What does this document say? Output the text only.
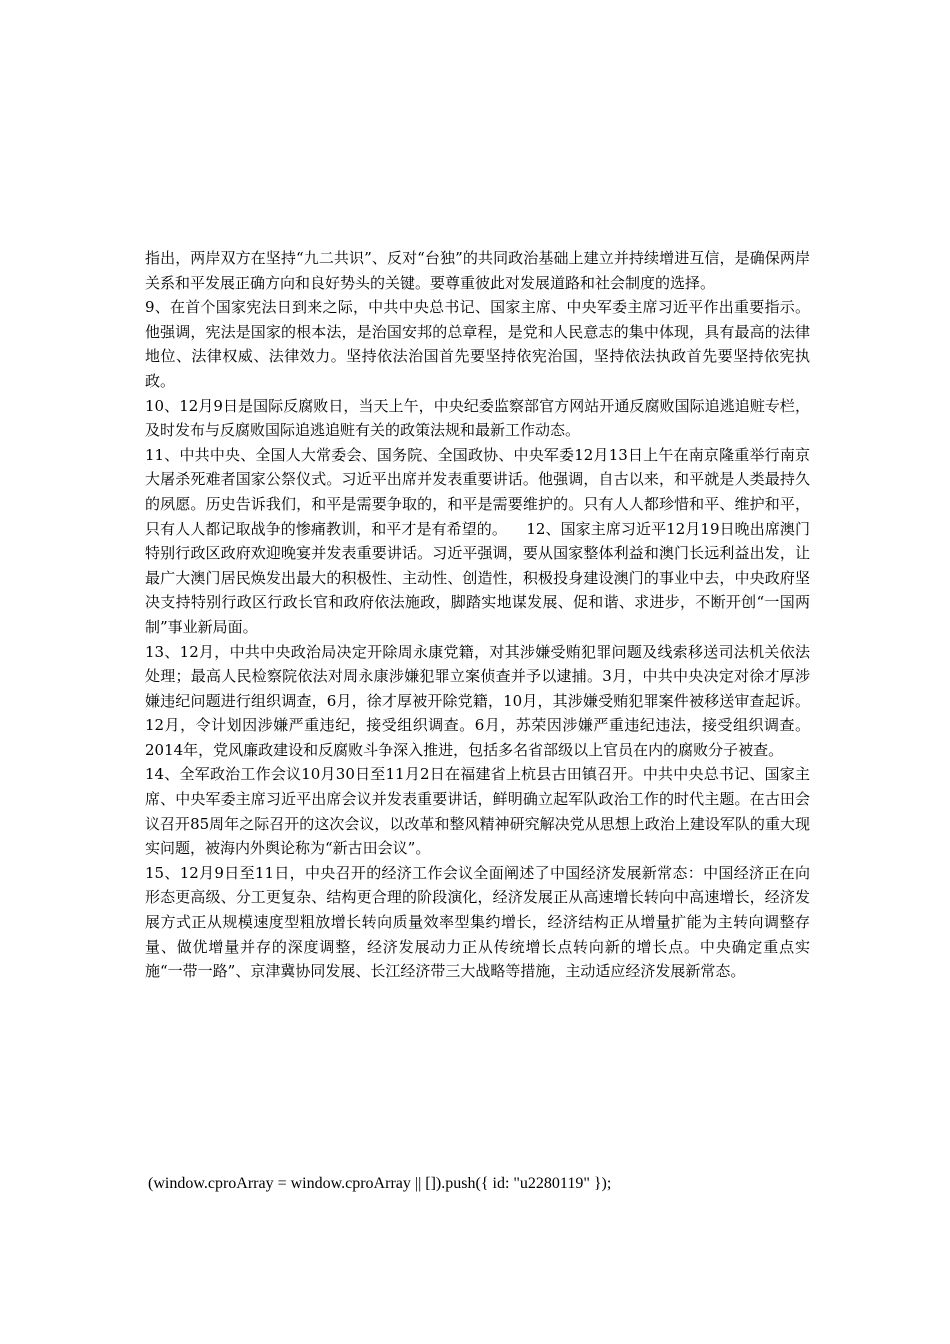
指出，两岸双方在坚持“九二共识”、反对“台独”的共同政治基础上建立并持续增进互信，是确保两岸关系和平发展正确方向和良好势头的关键。要尊重彼此对发展道路和社会制度的选择。

9、在首个国家宪法日到来之际，中共中央总书记、国家主席、中央军委主席习近平作出重要指示。他强调，宪法是国家的根本法，是治国安邦的总章程，是党和人民意志的集中体现，具有最高的法律地位、法律权威、法律效力。坚持依法治国首先要坚持依宪治国，坚持依法执政首先要坚持依宪执政。

10、12月9日是国际反腐败日，当天上午，中央纪委监察部官方网站开通反腐败国际追逃追赃专栏，及时发布与反腐败国际追逃追赃有关的政策法规和最新工作动态。

11、中共中央、全国人大常委会、国务院、全国政协、中央军委12月13日上午在南京隆重举行南京大屠杀死难者国家公祭仪式。习近平出席并发表重要讲话。他强调，自古以来，和平就是人类最持久的夙愿。历史告诉我们，和平是需要争取的，和平是需要维护的。只有人人都珍惜和平、维护和平，只有人人都记取战争的惨痛教训，和平才是有希望的。    12、国家主席习近平12月19日晚出席澳门特别行政区政府欢迎晚宴并发表重要讲话。习近平强调，要从国家整体利益和澳门长远利益出发，让最广大澳门居民焕发出最大的积极性、主动性、创造性，积极投身建设澳门的事业中去，中央政府坚决支持特别行政区行政长官和政府依法施政，脚踏实地谋发展、促和谐、求进步，不断开创“一国两制”事业新局面。

13、12月，中共中央政治局决定开除周永康党籍，对其涉嫌受贿犯罪问题及线索移送司法机关依法处理；最高人民检察院依法对周永康涉嫌犯罪立案侦查并予以逮捕。3月，中共中央决定对徐才厚涉嫌违纪问题进行组织调查，6月，徐才厚被开除党籍，10月，其涉嫌受贿犯罪案件被移送审查起诉。12月，令计划因涉嫌严重违纪，接受组织调查。6月，苏荣因涉嫌严重违纪违法，接受组织调查。2014年，党风廉政建设和反腐败斗争深入推进，包括多名省部级以上官员在内的腐败分子被查。

14、全军政治工作会议10月30日至11月2日在福建省上杭县古田镇召开。中共中央总书记、国家主席、中央军委主席习近平出席会议并发表重要讲话，鲜明确立起军队政治工作的时代主题。在古田会议召开85周年之际召开的这次会议，以改革和整风精神研究解决党从思想上政治上建设军队的重大现实问题，被海内外舆论称为“新古田会议”。

15、12月9日至11日，中央召开的经济工作会议全面阐述了中国经济发展新常态：中国经济正在向形态更高级、分工更复杂、结构更合理的阶段演化，经济发展正从高速增长转向中高速增长，经济发展方式正从规模速度型粗放增长转向质量效率型集约增长，经济结构正从增量扩能为主转向调整存量、做优增量并存的深度调整，经济发展动力正从传统增长点转向新的增长点。中央确定重点实施“一带一路”、京津冀协同发展、长江经济带三大战略等措施，主动适应经济发展新常态。

(window.cproArray = window.cproArray || []).push({ id: "u2280119" });
